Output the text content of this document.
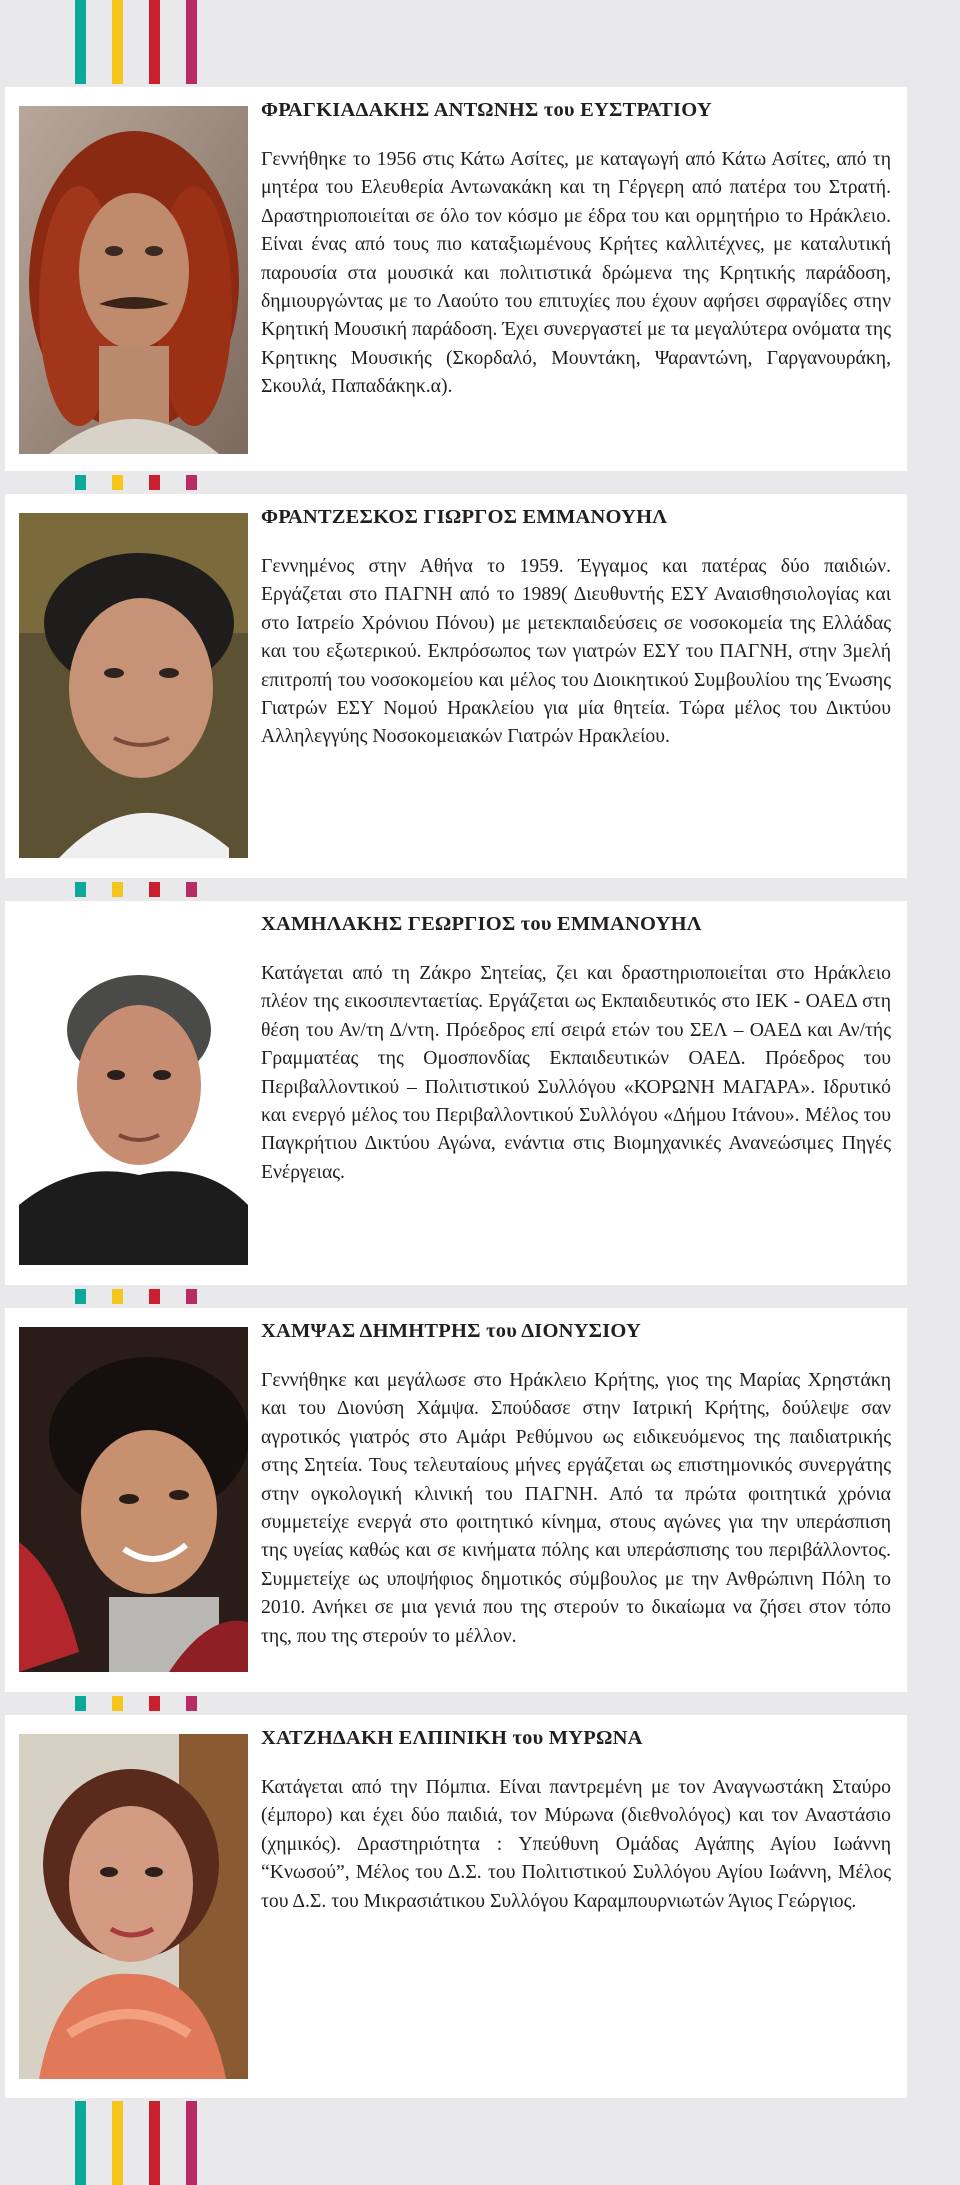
ΦΡΑΓΚΙΑΔΑΚΗΣ ΑΝΤΩΝΗΣ του ΕΥΣΤΡΑΤΙΟΥ

Γεννήθηκε το 1956 στις Κάτω Ασίτες, με καταγωγή από Κάτω Ασίτες, από τη μητέρα του Ελευθερία Αντωνακάκη και τη Γέργερη από πατέρα του Στρατή. Δραστηριοποιείται σε όλο τον κόσμο με έδρα του και ορμητήριο το Ηράκλειο. Είναι ένας από τους πιο καταξιωμένους Κρήτες καλλιτέχνες, με καταλυτική παρουσία στα μουσικά και πολιτιστικά δρώμενα της Κρητικής παράδοση, δημιουργώντας με το Λαούτο του επιτυχίες που έχουν αφήσει σφραγίδες στην Κρητική Μουσική παράδοση. Έχει συνεργαστεί με τα μεγαλύτερα ονόματα της Κρητικης Μουσικής (Σκορδαλό, Μουντάκη, Ψαραντώνη, Γαργανουράκη, Σκουλά, Παπαδάκηκ.α).

ΦΡΑΝΤΖΕΣΚΟΣ ΓΙΩΡΓΟΣ ΕΜΜΑΝΟΥΗΛ

Γεννημένος στην Αθήνα το 1959. Έγγαμος και πατέρας δύο παιδιών. Εργάζεται στο ΠΑΓΝΗ από το 1989( Διευθυντής ΕΣΥ Αναισθησιολογίας και στο Ιατρείο Χρόνιου Πόνου) με μετεκπαιδεύσεις σε νοσοκομεία της Ελλάδας και του εξωτερικού. Εκπρόσωπος των γιατρών ΕΣΥ του ΠΑΓΝΗ, στην 3μελή επιτροπή του νοσοκομείου και μέλος του Διοικητικού Συμβουλίου της Ένωσης Γιατρών ΕΣΥ Νομού Ηρακλείου για μία θητεία. Τώρα μέλος του Δικτύου Αλληλεγγύης Νοσοκομειακών Γιατρών Ηρακλείου.

ΧΑΜΗΛΑΚΗΣ ΓΕΩΡΓΙΟΣ του ΕΜΜΑΝΟΥΗΛ

Κατάγεται από τη Ζάκρο Σητείας, ζει και δραστηριοποιείται στο Ηράκλειο πλέον της εικοσιπενταετίας. Εργάζεται ως Εκπαιδευτικός στο ΙΕΚ - ΟΑΕΔ στη θέση του Αν/τη Δ/ντη. Πρόεδρος επί σειρά ετών του ΣΕΛ – ΟΑΕΔ και Αν/τής Γραμματέας της Ομοσπονδίας Εκπαιδευτικών ΟΑΕΔ. Πρόεδρος του Περιβαλλοντικού – Πολιτιστικού Συλλόγου «ΚΟΡΩΝΗ ΜΑΓΑΡΑ». Ιδρυτικό και ενεργό μέλος του Περιβαλλοντικού Συλλόγου «Δήμου Ιτάνου». Μέλος του Παγκρήτιου Δικτύου Αγώνα, ενάντια στις Βιομηχανικές Ανανεώσιμες Πηγές Ενέργειας.

ΧΑΜΨΑΣ ΔΗΜΗΤΡΗΣ του ΔΙΟΝΥΣΙΟΥ

Γεννήθηκε και μεγάλωσε στο Ηράκλειο Κρήτης, γιος της Μαρίας Χρηστάκη και του Διονύση Χάμψα. Σπούδασε στην Ιατρική Κρήτης, δούλεψε σαν αγροτικός γιατρός στο Αμάρι Ρεθύμνου ως ειδικευόμενος της παιδιατρικής στης Σητεία. Τους τελευταίους μήνες εργάζεται ως επιστημονικός συνεργάτης στην ογκολογική κλινική του ΠΑΓΝΗ. Από τα πρώτα φοιτητικά χρόνια συμμετείχε ενεργά στο φοιτητικό κίνημα, στους αγώνες για την υπεράσπιση της υγείας καθώς και σε κινήματα πόλης και υπεράσπισης του περιβάλλοντος. Συμμετείχε ως υποψήφιος δημοτικός σύμβουλος με την Ανθρώπινη Πόλη το 2010. Ανήκει σε μια γενιά που της στερούν το δικαίωμα να ζήσει στον τόπο της, που της στερούν το μέλλον.

ΧΑΤΖΗΔΑΚΗ ΕΛΠΙΝΙΚΗ του ΜΥΡΩΝΑ

Κατάγεται από την Πόμπια. Είναι παντρεμένη με τον Αναγνωστάκη Σταύρο (έμπορο) και έχει δύο παιδιά, τον Μύρωνα (διεθνολόγος) και τον Αναστάσιο (χημικός). Δραστηριότητα : Υπεύθυνη Ομάδας Αγάπης Αγίου Ιωάννη “Κνωσού”, Μέλος του Δ.Σ. του Πολιτιστικού Συλλόγου Αγίου Ιωάννη, Μέλος του Δ.Σ. του Μικρασιάτικου Συλλόγου Καραμπουρνιωτών Άγιος Γεώργιος.
